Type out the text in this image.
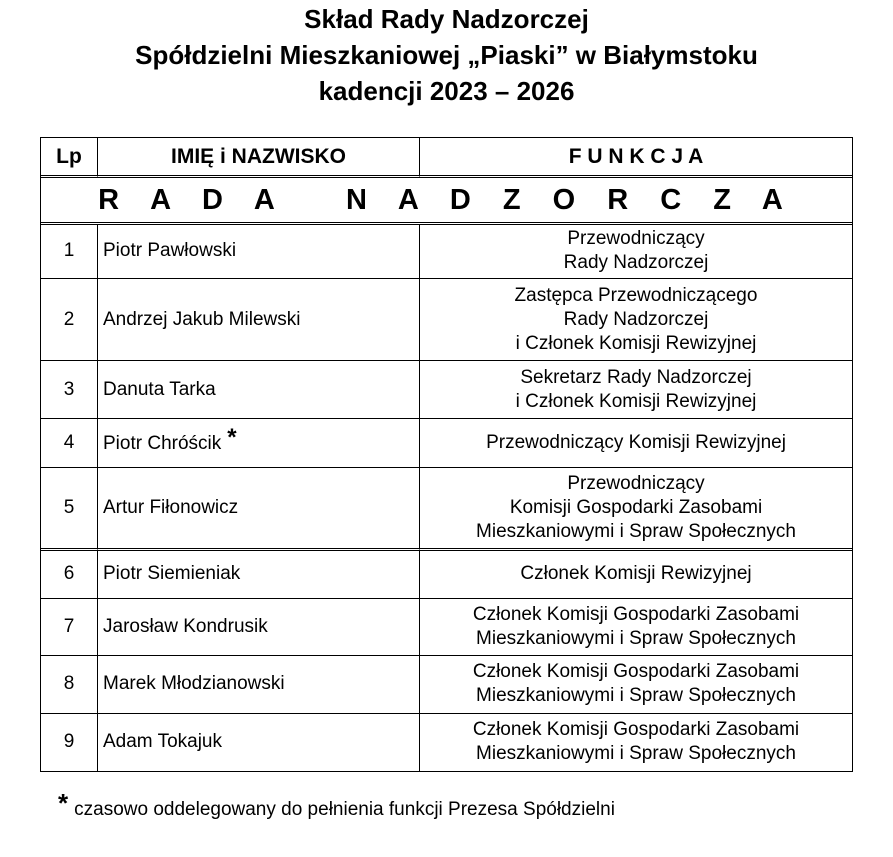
Skład Rady Nadzorczej
Spółdzielni Mieszkaniowej „Piaski” w Białymstoku
kadencji 2023 – 2026
Lp	IMIĘ i NAZWISKO	F U N K C J A
R A D A   N A D Z O R C Z A		
1	Piotr Pawłowski	Przewodniczący
Rady Nadzorczej

2	Andrzej Jakub Milewski	Zastępca Przewodniczącego
Rady Nadzorczej
i Członek Komisji Rewizyjnej

3	Danuta Tarka	Sekretarz Rady Nadzorczej
i Członek Komisji Rewizyjnej

4	Piotr Chróścik *	Przewodniczący Komisji Rewizyjnej

5	Artur Fiłonowicz	Przewodniczący
Komisji Gospodarki Zasobami
Mieszkaniowymi i Spraw Społecznych

6	Piotr Siemieniak	Członek Komisji Rewizyjnej

7	Jarosław Kondrusik	Członek Komisji Gospodarki Zasobami
Mieszkaniowymi i Spraw Społecznych

8	Marek Młodzianowski	Członek Komisji Gospodarki Zasobami
Mieszkaniowymi i Spraw Społecznych

9	Adam Tokajuk	Członek Komisji Gospodarki Zasobami
Mieszkaniowymi i Spraw Społecznych
* czasowo oddelegowany do pełnienia funkcji Prezesa Spółdzielni
